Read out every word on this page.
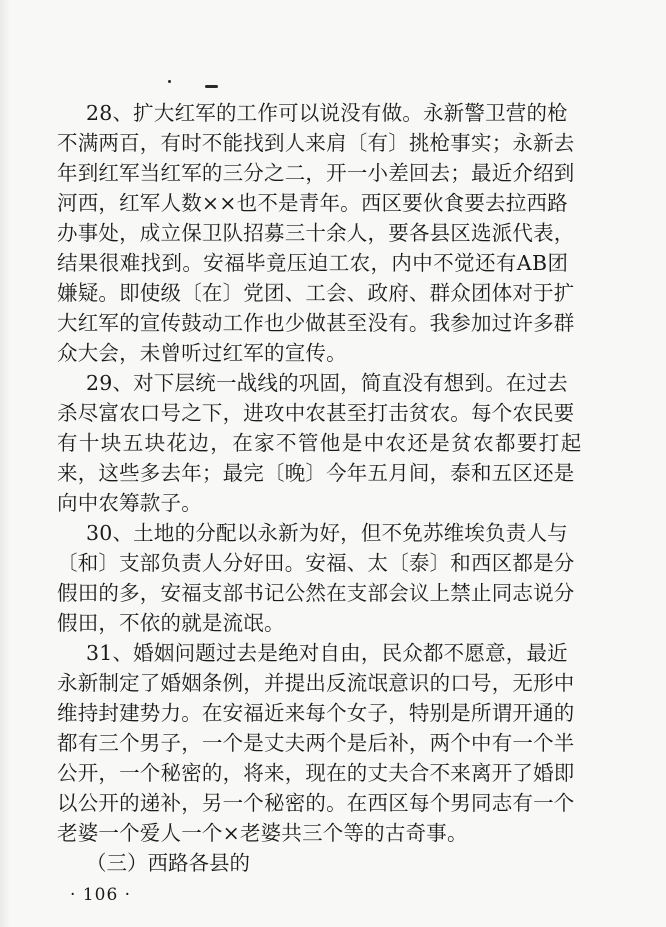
28、扩大红军的工作可以说没有做。永新警卫营的枪
不满两百，有时不能找到人来肩〔有〕挑枪事实；永新去
年到红军当红军的三分之二，开一小差回去；最近介绍到
河西，红军人数××也不是青年。西区要伙食要去拉西路
办事处，成立保卫队招募三十余人，要各县区选派代表，
结果很难找到。安福毕竟压迫工农，内中不觉还有AB团
嫌疑。即使级〔在〕党团、工会、政府、群众团体对于扩
大红军的宣传鼓动工作也少做甚至没有。我参加过许多群
众大会，未曾听过红军的宣传。
29、对下层统一战线的巩固，简直没有想到。在过去
杀尽富农口号之下，进攻中农甚至打击贫农。每个农民要
有十块五块花边，在家不管他是中农还是贫农都要打起
来，这些多去年；最完〔晚〕今年五月间，泰和五区还是
向中农筹款子。
30、土地的分配以永新为好，但不免苏维埃负责人与
〔和〕支部负责人分好田。安福、太〔泰〕和西区都是分
假田的多，安福支部书记公然在支部会议上禁止同志说分
假田，不依的就是流氓。
31、婚姻问题过去是绝对自由，民众都不愿意，最近
永新制定了婚姻条例，并提出反流氓意识的口号，无形中
维持封建势力。在安福近来每个女子，特别是所谓开通的
都有三个男子，一个是丈夫两个是后补，两个中有一个半
公开，一个秘密的，将来，现在的丈夫合不来离开了婚即
以公开的递补，另一个秘密的。在西区每个男同志有一个
老婆一个爱人一个×老婆共三个等的古奇事。
（三）西路各县的
· 106 ·
